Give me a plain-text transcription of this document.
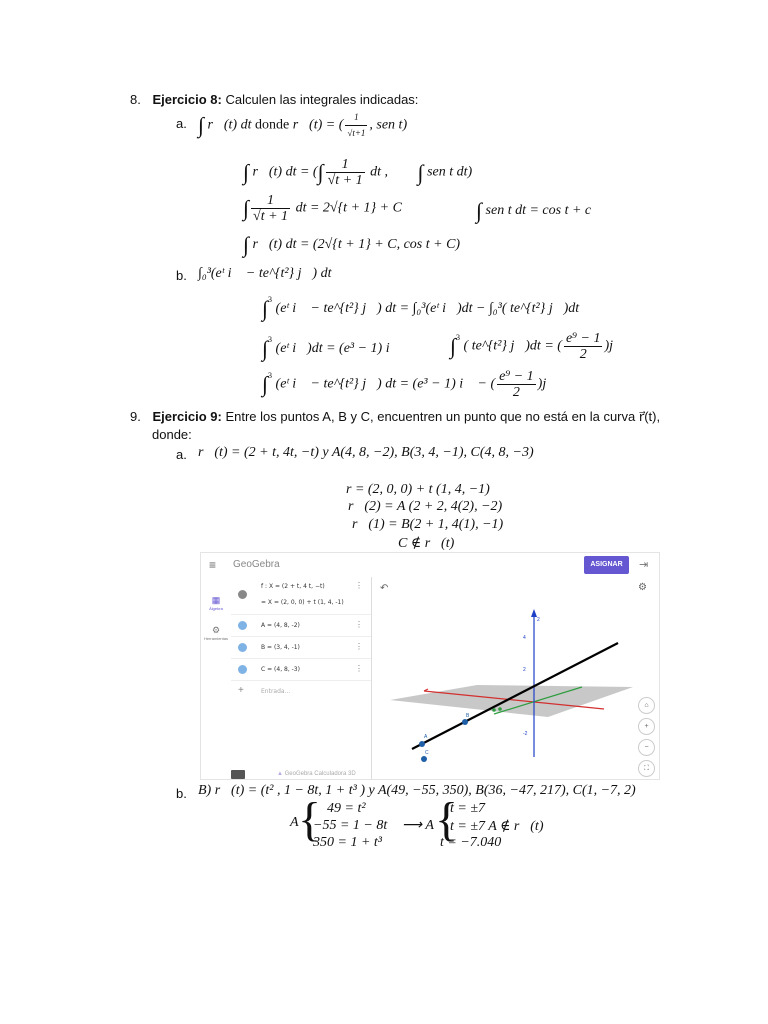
8. Ejercicio 8: Calculen las integrales indicadas:
a. ∫ r⃗(t) dt donde r⃗(t) = ( $\frac{1}{√t+1}$ , sen t)
∫ r⃗(t) dt = (∫ $\frac{1}{√t + 1}$ dt , ∫ sen t dt)
∫ $\frac{1}{√t + 1}$ dt = 2√{t + 1} + C	∫ sen t dt = cos t + c
∫ r⃗(t) dt = (2√{t + 1} + C, cos t + C)
b. ∫₀³(eᵗ i⃗ − te^{t²} j⃗) dt
∫$^3$ (eᵗ i⃗ − te^{t²} j⃗) dt = ∫₀³(eᵗ i⃗)dt − ∫₀³( te^{t²} j⃗)dt
∫$^3$ (eᵗ i⃗)dt = (e³ − 1) i⃗ ∫$^3$ ( te^{t²} j⃗)dt = ( $\frac{\text{e⁹ − 1}}{2}$ )j⃗
∫$^3$ (eᵗ i⃗ − te^{t²} j⃗) dt = (e³ − 1) i⃗ − ( $\frac{\text{e⁹ − 1}}{2}$ )j⃗
9. Ejercicio 9: Entre los puntos A, B y C, encuentren un punto que no está en la curva r⃗(t),
donde:
a. r⃗(t) = (2 + t, 4t, −t) y A(4, 8, −2), B(3, 4, −1), C(4, 8, −3)
r = (2, 0, 0) + t (1, 4, −1)
r⃗(2) = A (2 + 2, 4(2), −2)
r⃗(1) = B(2 + 1, 4(1), −1)
C ∉ r⃗(t)
≡ GeoGebra	ASIGNAR	⇥
▦
Álgebra
⚙
Herramientas
f : X = (2 + t, 4 t, −t)
= X = (2, 0, 0) + t (1, 4, -1)
⋮
A = (4, 8, -2)	⋮
B = (3, 4, -1)	⋮
C = (4, 8, -3)	⋮
+	Entrada...
▲ GeoGebra Calculadora 3D
↶
4
2
2
-2
B
A
C
⚙
⌂
+
−
⛶
b. B) r⃗(t) = (t² , 1 − 8t, 1 + t³ ) y A(49, −55, 350), B(36, −47, 217), C(1, −7, 2)
A { 49 = t²
−55 = 1 − 8t
350 = 1 + t³
⟶ A {
t = ±7
t = ±7 A ∉ r⃗(t)
t = −7.040
